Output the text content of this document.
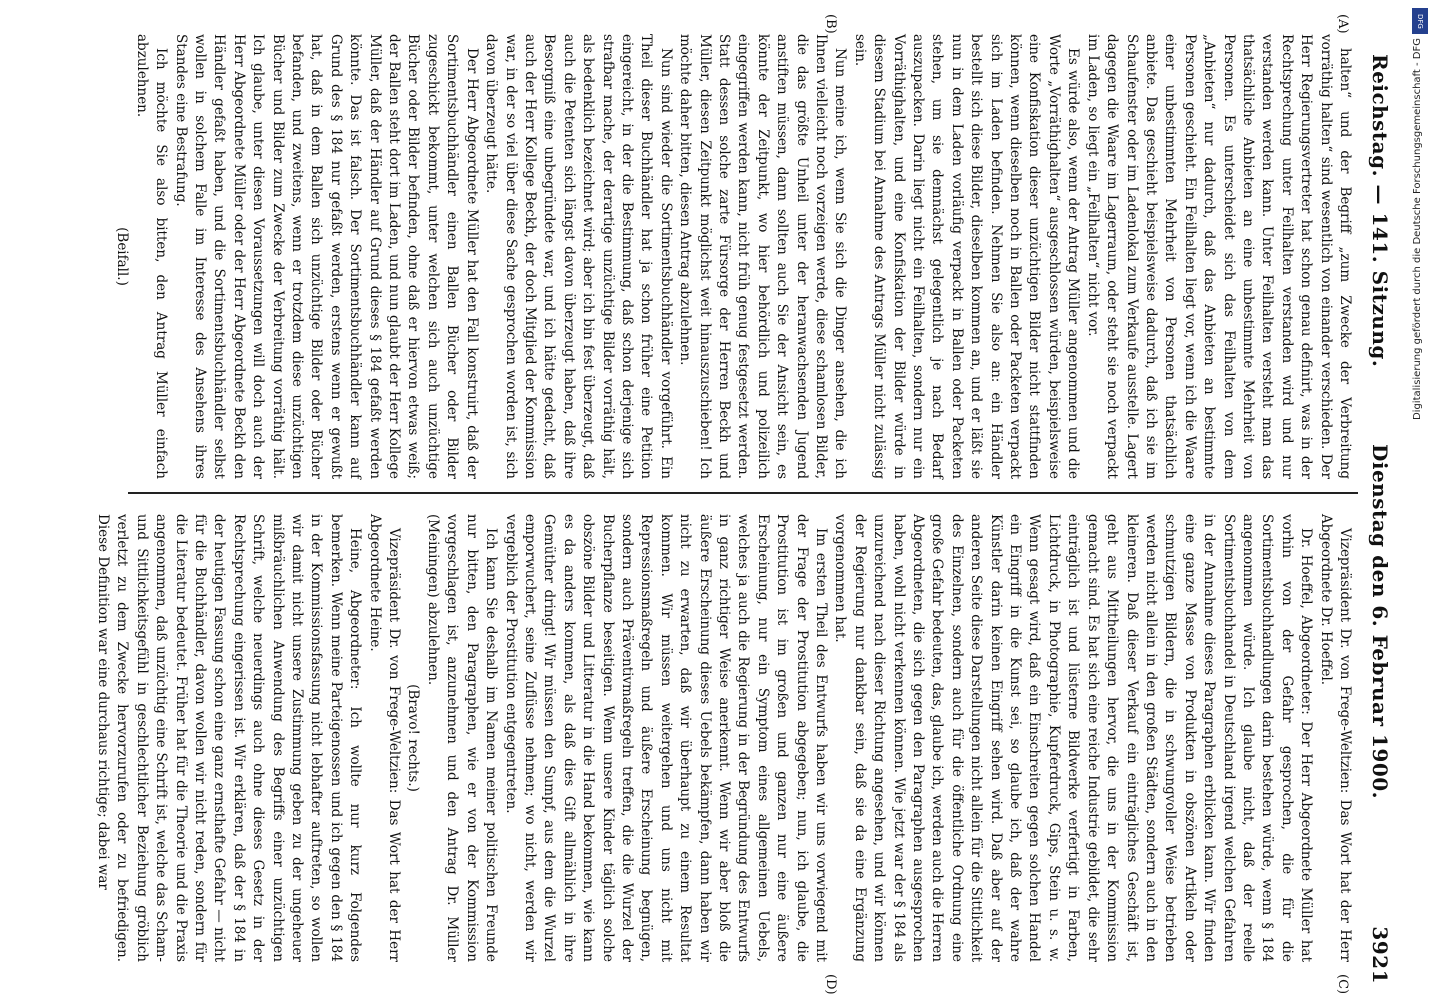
Reichstag. — 141. Sitzung.
Dienstag den 6. Februar 1900.
3921
(A)
(B)
(C)
(D)

halten“ und der Begriff „zum Zwecke der Verbreitung vorräthig halten“ sind wesentlich von einander verschieden. Der Herr Regierungsvertreter hat schon genau definirt, was in der Rechtsprechung unter Feilhalten verstanden wird und nur verstanden werden kann. Unter Feilhalten versteht man das thatsächliche Anbieten an eine unbestimmte Mehrheit von Personen. Es unterscheidet sich das Feilhalten von dem „Anbieten“ nur dadurch, daß das Anbieten an bestimmte Personen geschieht. Ein Feilhalten liegt vor, wenn ich die Waare einer unbestimmten Mehrheit von Personen thatsächlich anbiete. Das geschieht beispielsweise dadurch, daß ich sie im Schaufenster oder im Ladenlokal zum Verkaufe ausstelle. Lagert dagegen die Waare im Lagerraum, oder steht sie noch verpackt im Laden, so liegt ein „Feilhalten“ nicht vor.

Es würde also, wenn der Antrag Müller angenommen und die Worte „Vorräthighalten“ ausgeschlossen würden, beispielsweise eine Konfiskation dieser unzüchtigen Bilder nicht stattfinden können, wenn dieselben noch in Ballen oder Packeten verpackt sich im Laden befinden. Nehmen Sie also an: ein Händler bestellt sich diese Bilder, dieselben kommen an, und er läßt sie nun in dem Laden vorläufig verpackt in Ballen oder Packeten stehen, um sie demnächst gelegentlich je nach Bedarf auszupacken. Darin liegt nicht ein Feilhalten, sondern nur ein Vorräthighalten, und eine Konfiskation der Bilder würde in diesem Stadium bei Annahme des Antrags Müller nicht zulässig sein.

Nun meine ich, wenn Sie sich die Dinger ansehen, die ich Ihnen vielleicht noch vorzeigen werde, diese schamlosen Bilder, die das größte Unheil unter der heranwachsenden Jugend anstiften müssen, dann sollten auch Sie der Ansicht sein, es könnte der Zeitpunkt, wo hier behördlich und polizeilich eingegriffen werden kann, nicht früh genug festgesetzt werden. Statt dessen solche zarte Fürsorge der Herren Beckh und Müller, diesen Zeitpunkt möglichst weit hinauszuschieben! Ich möchte daher bitten, diesen Antrag abzulehnen.

Nun sind wieder die Sortimentsbuchhändler vorgeführt. Ein Theil dieser Buchhändler hat ja schon früher eine Petition eingereicht, in der die Bestimmung, daß schon derjenige sich strafbar mache, der derartige unzüchtige Bilder vorräthig hält, als bedenklich bezeichnet wird; aber ich bin fest überzeugt, daß auch die Petenten sich längst davon überzeugt haben, daß ihre Besorgniß eine unbegründete war, und ich hätte gedacht, daß auch der Herr Kollege Beckh, der doch Mitglied der Kommission war, in der so viel über diese Sache gesprochen worden ist, sich davon überzeugt hätte.

Der Herr Abgeordnete Müller hat den Fall konstruirt, daß der Sortimentsbuchhändler einen Ballen Bücher oder Bilder zugeschickt bekommt, unter welchen sich auch unzüchtige Bücher oder Bilder befinden, ohne daß er hiervon etwas weiß; der Ballen steht dort im Laden, und nun glaubt der Herr Kollege Müller, daß der Händler auf Grund dieses § 184 gefaßt werden könnte. Das ist falsch. Der Sortimentsbuchhändler kann auf Grund des § 184 nur gefaßt werden, erstens wenn er gewußt hat, daß in dem Ballen sich unzüchtige Bilder oder Bücher befanden, und zweitens, wenn er trotzdem diese unzüchtigen Bücher und Bilder zum Zwecke der Verbreitung vorräthig hält. Ich glaube, unter diesen Voraussetzungen will doch auch der Herr Abgeordnete Müller oder der Herr Abgeordnete Beckh den Händler gefaßt haben, und die Sortimentsbuchhändler selbst wollen in solchem Falle im Interesse des Ansehens ihres Standes eine Bestrafung.

Ich möchte Sie also bitten, den Antrag Müller einfach abzulehnen.

(Beifall.)

Vizepräsident Dr. von Frege-Weltzien: Das Wort hat der Herr Abgeordnete Dr. Hoeffel.

Dr. Hoeffel, Abgeordneter: Der Herr Abgeordnete Müller hat vorhin von der Gefahr gesprochen, die für die Sortimentsbuchhandlungen darin bestehen würde, wenn § 184 angenommen würde. Ich glaube nicht, daß der reelle Sortimentsbuchhandel in Deutschland irgend welchen Gefahren in der Annahme dieses Paragraphen erblicken kann. Wir finden eine ganze Masse von Produkten in obszönen Artikeln oder schmutzigen Bildern, die in schwungvoller Weise betrieben werden nicht allein in den großen Städten, sondern auch in den kleineren. Daß dieser Verkauf ein einträgliches Geschäft ist, geht aus Mittheilungen hervor, die uns in der Kommission gemacht sind. Es hat sich eine reiche Industrie gebildet, die sehr einträglich ist und lüsterne Bildwerke verfertigt in Farben, Lichtdruck, in Photographie, Kupferdruck, Gips, Stein u. s. w. Wenn gesagt wird, daß ein Einschreiten gegen solchen Handel ein Eingriff in die Kunst sei, so glaube ich, daß der wahre Künstler darin keinen Eingriff sehen wird. Daß aber auf der anderen Seite diese Darstellungen nicht allein für die Sittlichkeit des Einzelnen, sondern auch für die öffentliche Ordnung eine große Gefahr bedeuten, das, glaube ich, werden auch die Herren Abgeordneten, die sich gegen den Paragraphen ausgesprochen haben, wohl nicht verkennen können. Wie jetzt war der § 184 als unzureichend nach dieser Richtung angesehen, und wir können der Regierung nur dankbar sein, daß sie da eine Ergänzung vorgenommen hat.

Im ersten Theil des Entwurfs haben wir uns vorwiegend mit der Frage der Prostitution abgegeben; nun, ich glaube, die Prostitution ist im großen und ganzen nur eine äußere Erscheinung, nur ein Symptom eines allgemeinen Uebels, welches ja auch die Regierung in der Begründung des Entwurfs in ganz richtiger Weise anerkennt. Wenn wir aber bloß die äußere Erscheinung dieses Uebels bekämpfen, dann haben wir nicht zu erwarten, daß wir überhaupt zu einem Resultat kommen. Wir müssen weitergehen und uns nicht mit Repressionsmaßregeln und äußere Erscheinung begnügen, sondern auch Präventivmaßregeln treffen, die die Wurzel der Bucherpflanze beseitigen. Wenn unsere Kinder täglich solche obszöne Bilder und Litteratur in die Hand bekommen, wie kann es da anders kommen, als daß dies Gift allmählich in ihre Gemüther dringt! Wir müssen den Sumpf, aus dem die Wurzel emporwuchert, seine Zuflüsse nehmen; wo nicht, werden wir vergeblich der Prostitution entgegentreten.

Ich kann Sie deshalb im Namen meiner politischen Freunde nur bitten, den Paragraphen, wie er von der Kommission vorgeschlagen ist, anzunehmen und den Antrag Dr. Müller (Meiningen) abzulehnen.

(Bravo! rechts.)

Vizepräsident Dr. von Frege-Weltzien: Das Wort hat der Herr Abgeordnete Heine.

Heine, Abgeordneter: Ich wollte nur kurz Folgendes bemerken. Wenn meine Parteigenossen und ich gegen den § 184 in der Kommissionsfassung nicht lebhafter auftreten, so wollen wir damit nicht unsere Zustimmung geben zu der ungeheuer mißbräuchlichen Anwendung des Begriffs einer unzüchtigen Schrift, welche neuerdings auch ohne dieses Gesetz in der Rechtsprechung eingerissen ist. Wir erklären, daß der § 184 in der heutigen Fassung schon eine ganz ernsthafte Gefahr — nicht für die Buchhändler, davon wollen wir nicht reden, sondern für die Literatur bedeutet. Früher hat für die Theorie und die Praxis angenommen, daß unzüchtig eine Schrift ist, welche das Scham- und Sittlichkeitsgefühl in geschlechtlicher Beziehung gröblich verletzt zu dem Zwecke hervorzurufen oder zu befriedigen. Diese Definition war eine durchaus richtige; dabei war

DFG
Digitalisierung gefördert durch die Deutsche Forschungsgemeinschaft - DFG
